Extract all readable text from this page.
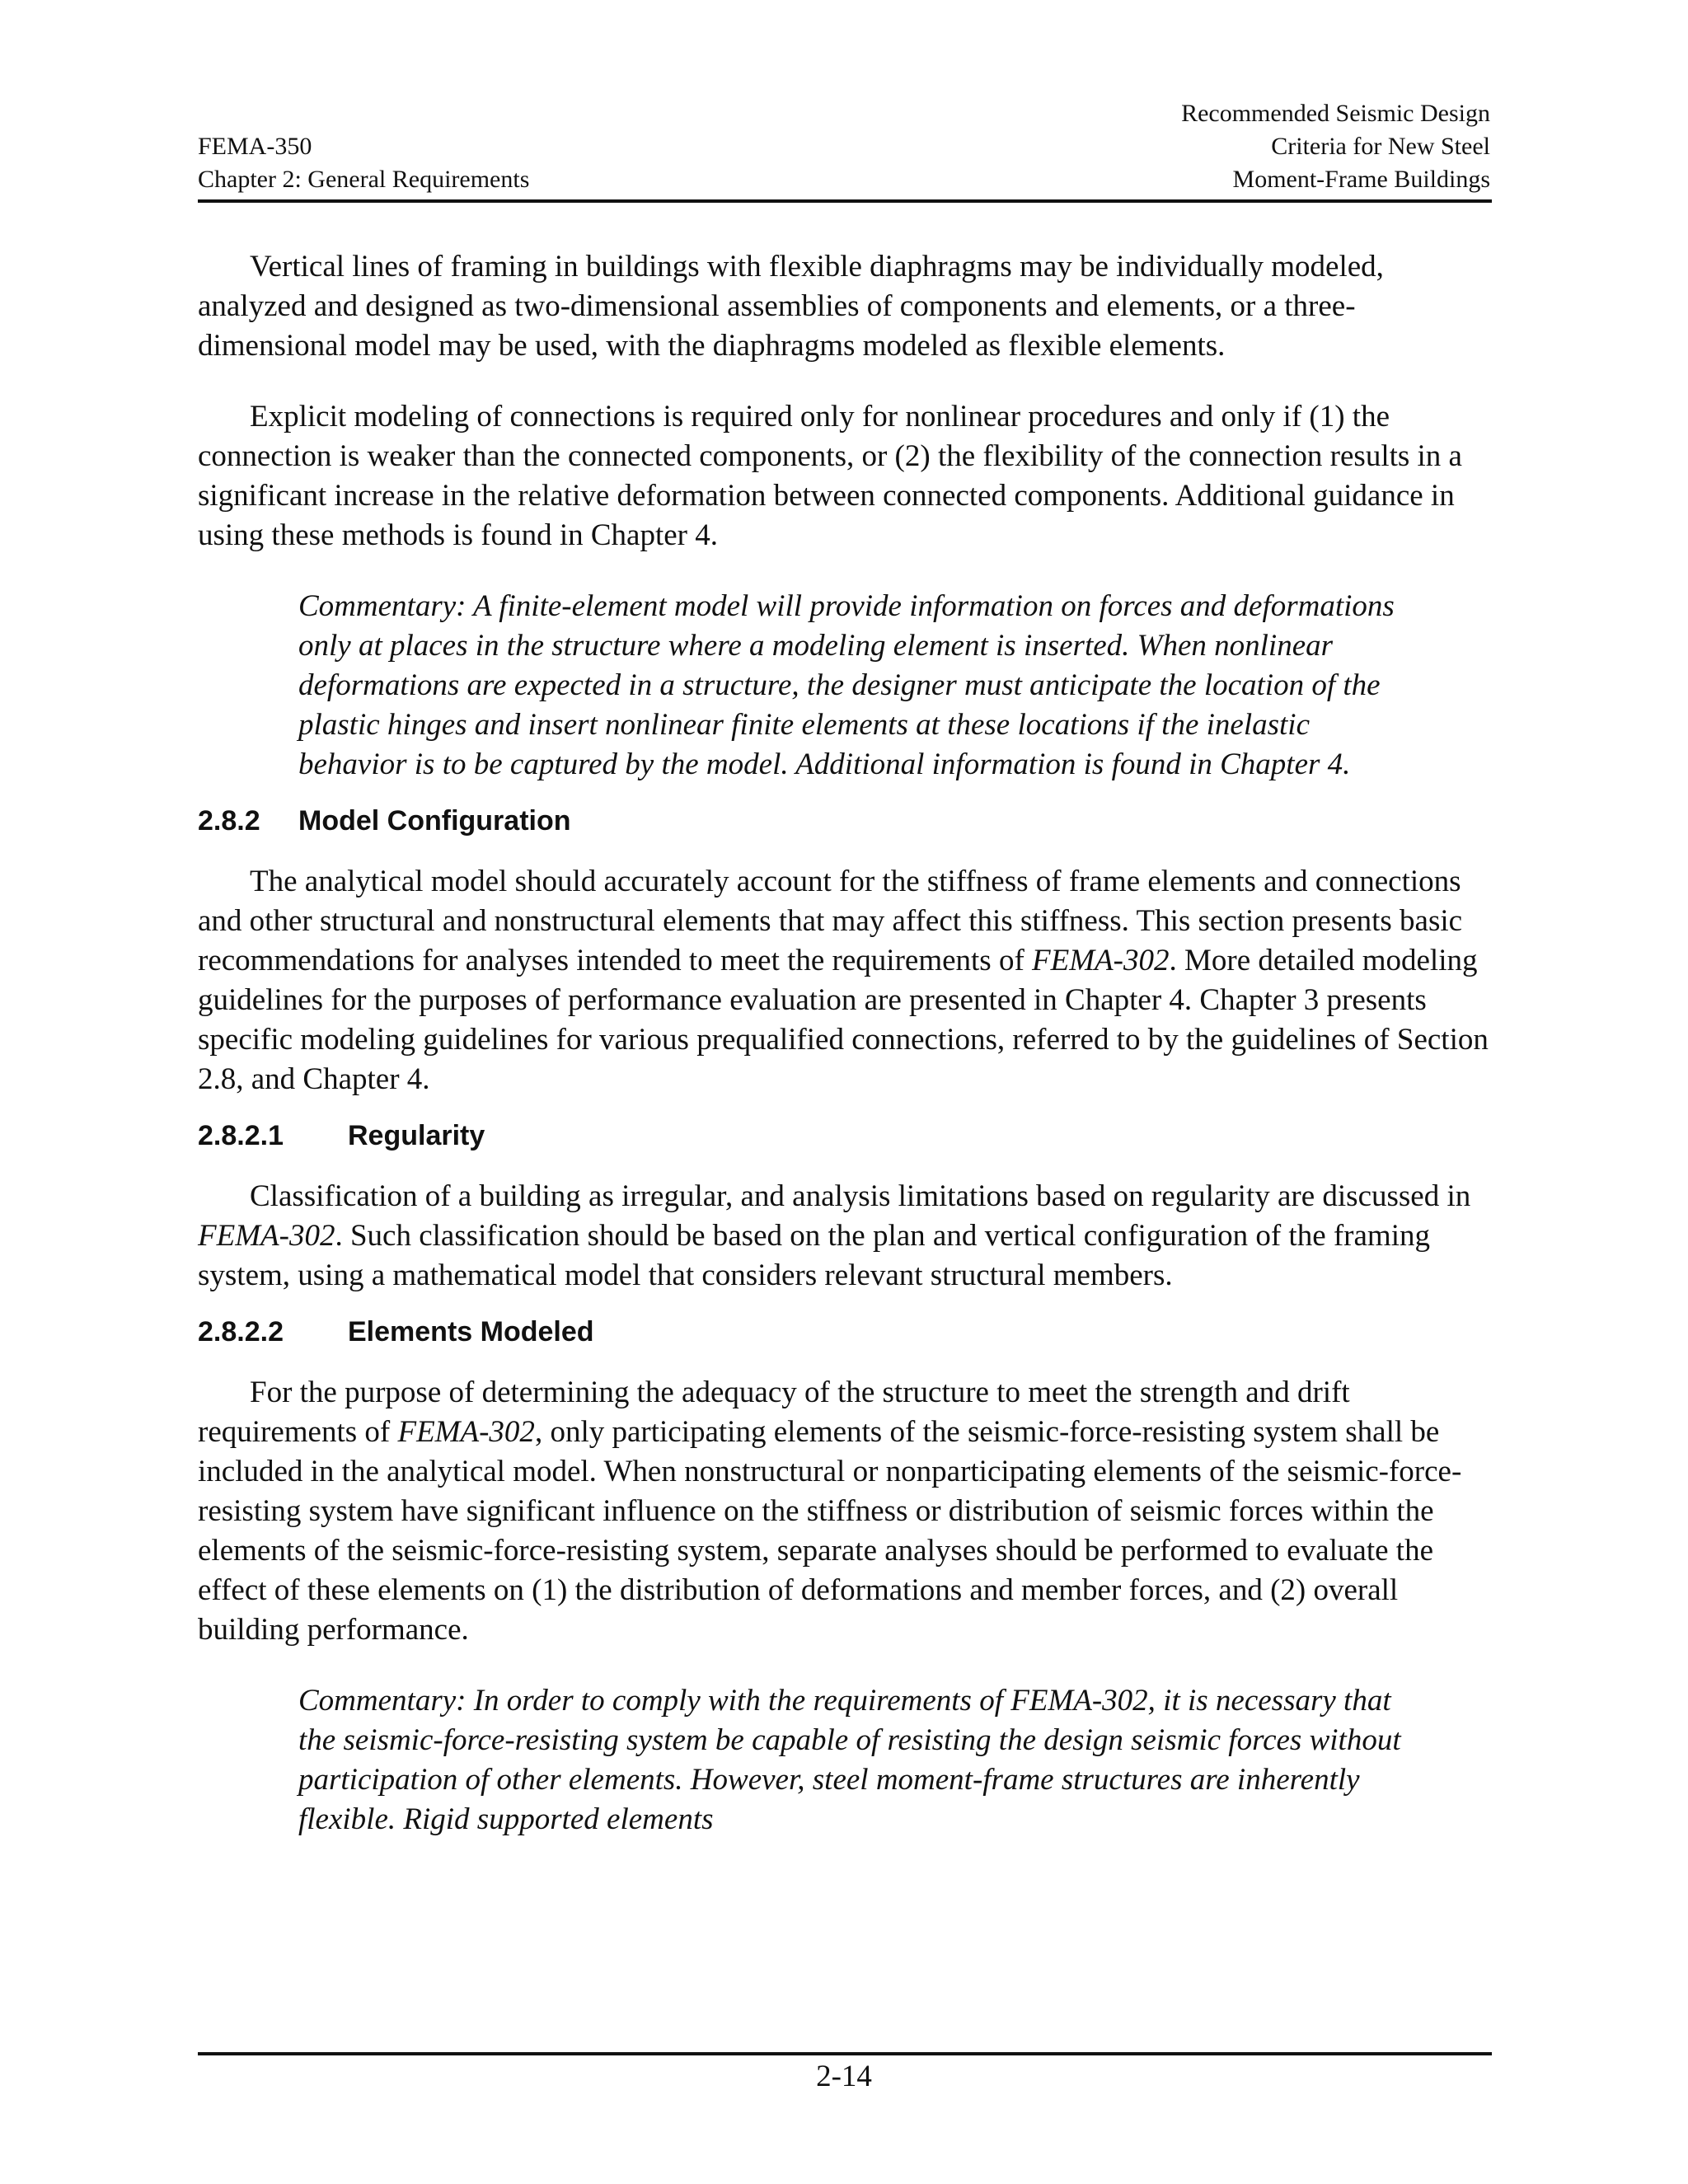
FEMA-350
Chapter 2: General Requirements
Recommended Seismic Design
Criteria for New Steel
Moment-Frame Buildings

Vertical lines of framing in buildings with flexible diaphragms may be individually modeled, analyzed and designed as two-dimensional assemblies of components and elements, or a three-dimensional model may be used, with the diaphragms modeled as flexible elements.

Explicit modeling of connections is required only for nonlinear procedures and only if (1) the connection is weaker than the connected components, or (2) the flexibility of the connection results in a significant increase in the relative deformation between connected components. Additional guidance in using these methods is found in Chapter 4.

Commentary: A finite-element model will provide information on forces and deformations only at places in the structure where a modeling element is inserted. When nonlinear deformations are expected in a structure, the designer must anticipate the location of the plastic hinges and insert nonlinear finite elements at these locations if the inelastic behavior is to be captured by the model. Additional information is found in Chapter 4.

2.8.2 Model Configuration

The analytical model should accurately account for the stiffness of frame elements and connections and other structural and nonstructural elements that may affect this stiffness. This section presents basic recommendations for analyses intended to meet the requirements of FEMA-302. More detailed modeling guidelines for the purposes of performance evaluation are presented in Chapter 4. Chapter 3 presents specific modeling guidelines for various prequalified connections, referred to by the guidelines of Section 2.8, and Chapter 4.

2.8.2.1 Regularity

Classification of a building as irregular, and analysis limitations based on regularity are discussed in FEMA-302. Such classification should be based on the plan and vertical configuration of the framing system, using a mathematical model that considers relevant structural members.

2.8.2.2 Elements Modeled

For the purpose of determining the adequacy of the structure to meet the strength and drift requirements of FEMA-302, only participating elements of the seismic-force-resisting system shall be included in the analytical model. When nonstructural or nonparticipating elements of the seismic-force-resisting system have significant influence on the stiffness or distribution of seismic forces within the elements of the seismic-force-resisting system, separate analyses should be performed to evaluate the effect of these elements on (1) the distribution of deformations and member forces, and (2) overall building performance.

Commentary: In order to comply with the requirements of FEMA-302, it is necessary that the seismic-force-resisting system be capable of resisting the design seismic forces without participation of other elements. However, steel moment-frame structures are inherently flexible. Rigid supported elements

2-14
